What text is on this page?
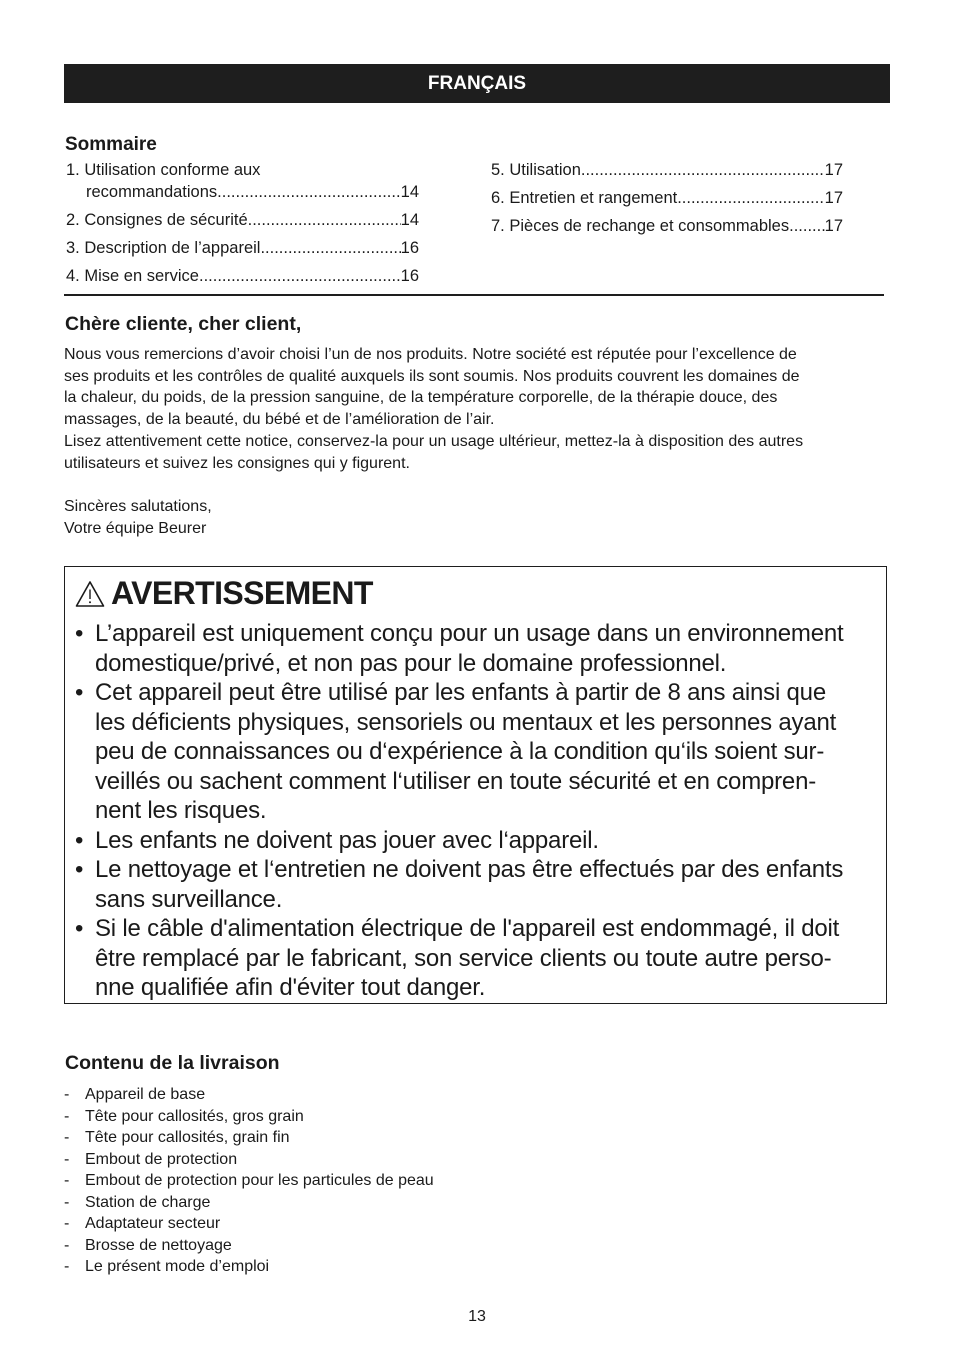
FRANÇAIS
Sommaire
1. Utilisation conforme aux
recommandations .....	14
2.
Consignes de sécurité .....	14
3.
Description de l’appareil .....	16
4.
Mise en service .....	16
5.
Utilisation .....	17
6.
Entretien et rangement .....	17
7.
Pièces de rechange et consommables ..... 17
Chère cliente, cher client,

Nous vous remercions d’avoir choisi l’un de nos produits. Notre société est réputée pour l’excellence de

ses produits et les contrôles de qualité auxquels ils sont soumis. Nos produits couvrent les domaines de

la chaleur, du poids, de la pression sanguine, de la température corporelle, de la thérapie douce, des

massages, de la beauté, du bébé et de l’amélioration de l’air.

Lisez attentivement cette notice, conservez-la pour un usage ultérieur, mettez-la à disposition des autres

utilisateurs et suivez les consignes qui y figurent.

Sincères salutations,

Votre équipe Beurer

AVERTISSEMENT
• L’appareil est uniquement conçu pour un usage dans un environnement
domestique/privé, et non pas pour le domaine professionnel.
• Cet appareil peut être utilisé par les enfants à partir de 8 ans ainsi que
les déficients physiques, sensoriels ou mentaux et les personnes ayant
peu de connaissances ou d‘expérience à la condition qu‘ils soient sur-
veillés ou sachent comment l‘utiliser en toute sécurité et en compren-
nent les risques.
• Les enfants ne doivent pas jouer avec l‘appareil.
• Le nettoyage et l‘entretien ne doivent pas être effectués par des enfants
sans surveillance.
• Si le câble d'alimentation électrique de l'appareil est endommagé, il doit
être remplacé par le fabricant, son service clients ou toute autre perso-
nne qualifiée afin d'éviter tout danger.
Contenu de la livraison
- Appareil de base
- Tête pour callosités, gros grain
- Tête pour callosités, grain fin
- Embout de protection
- Embout de protection pour les particules de peau
- Station de charge
- Adaptateur secteur
- Brosse de nettoyage
- Le présent mode d’emploi
13
